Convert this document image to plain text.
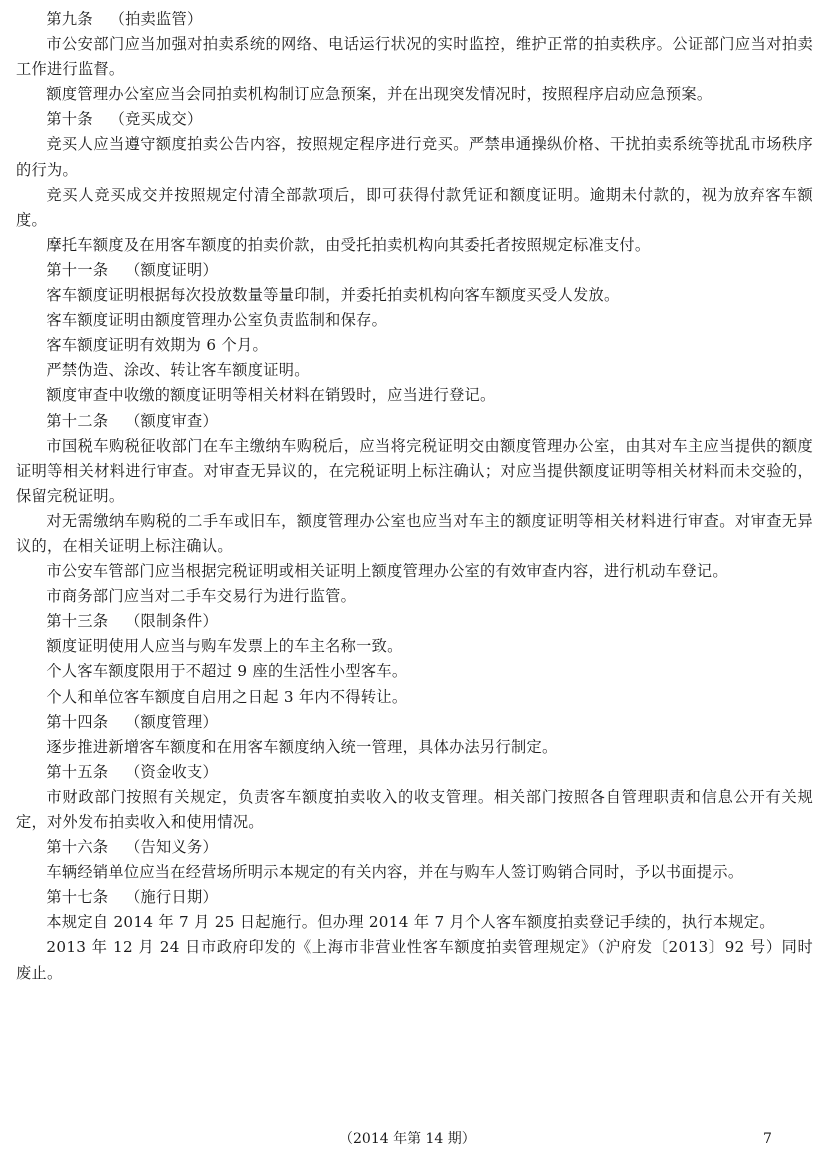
第九条 （拍卖监管）

市公安部门应当加强对拍卖系统的网络、电话运行状况的实时监控，维护正常的拍卖秩序。公证部门应当对拍卖工作进行监督。

额度管理办公室应当会同拍卖机构制订应急预案，并在出现突发情况时，按照程序启动应急预案。

第十条 （竞买成交）

竞买人应当遵守额度拍卖公告内容，按照规定程序进行竞买。严禁串通操纵价格、干扰拍卖系统等扰乱市场秩序的行为。

竞买人竞买成交并按照规定付清全部款项后，即可获得付款凭证和额度证明。逾期未付款的，视为放弃客车额度。

摩托车额度及在用客车额度的拍卖价款，由受托拍卖机构向其委托者按照规定标准支付。

第十一条 （额度证明）

客车额度证明根据每次投放数量等量印制，并委托拍卖机构向客车额度买受人发放。

客车额度证明由额度管理办公室负责监制和保存。

客车额度证明有效期为 6 个月。

严禁伪造、涂改、转让客车额度证明。

额度审查中收缴的额度证明等相关材料在销毁时，应当进行登记。

第十二条 （额度审查）

市国税车购税征收部门在车主缴纳车购税后，应当将完税证明交由额度管理办公室，由其对车主应当提供的额度证明等相关材料进行审查。对审查无异议的，在完税证明上标注确认；对应当提供额度证明等相关材料而未交验的，保留完税证明。

对无需缴纳车购税的二手车或旧车，额度管理办公室也应当对车主的额度证明等相关材料进行审查。对审查无异议的，在相关证明上标注确认。

市公安车管部门应当根据完税证明或相关证明上额度管理办公室的有效审查内容，进行机动车登记。

市商务部门应当对二手车交易行为进行监管。

第十三条 （限制条件）

额度证明使用人应当与购车发票上的车主名称一致。

个人客车额度限用于不超过 9 座的生活性小型客车。

个人和单位客车额度自启用之日起 3 年内不得转让。

第十四条 （额度管理）

逐步推进新增客车额度和在用客车额度纳入统一管理，具体办法另行制定。

第十五条 （资金收支）

市财政部门按照有关规定，负责客车额度拍卖收入的收支管理。相关部门按照各自管理职责和信息公开有关规定，对外发布拍卖收入和使用情况。

第十六条 （告知义务）

车辆经销单位应当在经营场所明示本规定的有关内容，并在与购车人签订购销合同时，予以书面提示。

第十七条 （施行日期）

本规定自 2014 年 7 月 25 日起施行。但办理 2014 年 7 月个人客车额度拍卖登记手续的，执行本规定。

2013 年 12 月 24 日市政府印发的《上海市非营业性客车额度拍卖管理规定》（沪府发〔2013〕92 号）同时废止。

（2014 年第 14 期）	7
